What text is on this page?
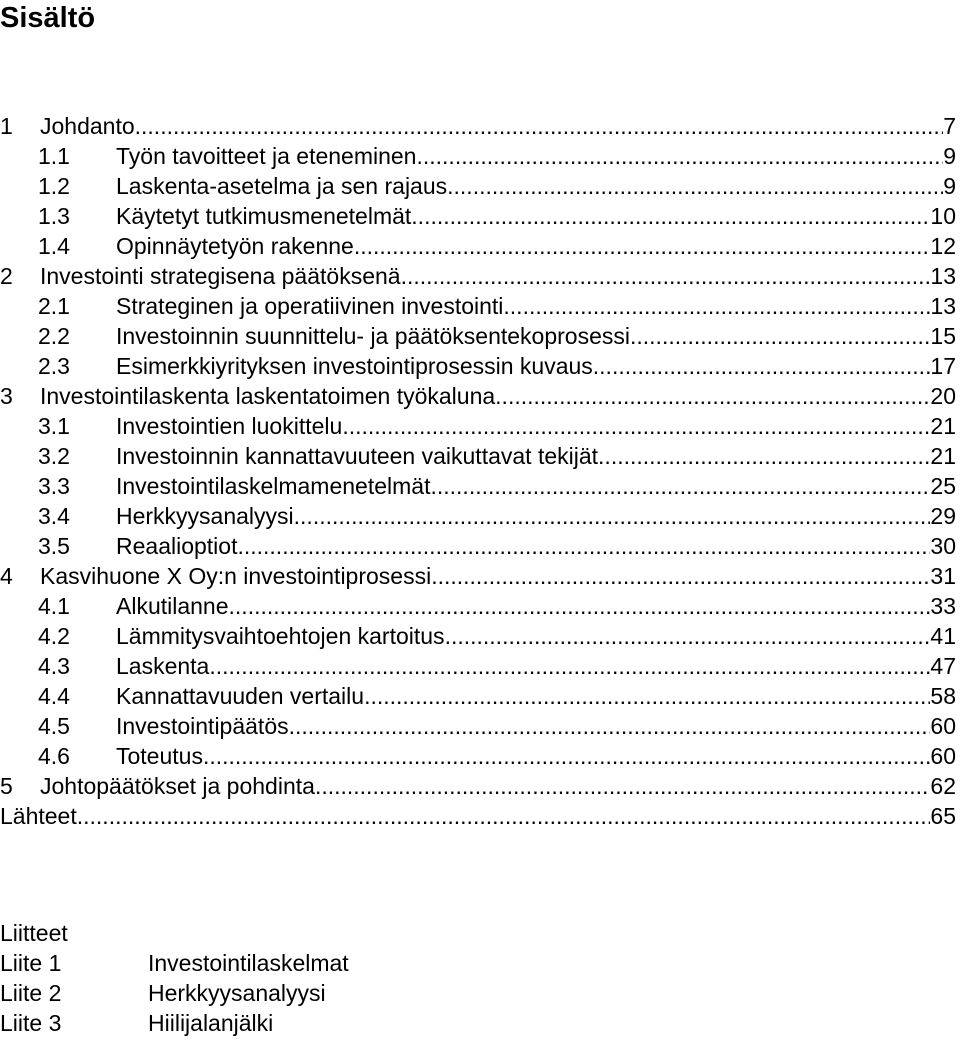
Sisältö
1 Johdanto .....	7
1.1 Työn tavoitteet ja eteneminen .....	9
1.2 Laskenta-asetelma ja sen rajaus .....	9
1.3 Käytetyt tutkimusmenetelmät .....	10
1.4 Opinnäytetyön rakenne .....	12
2 Investointi strategisena päätöksenä .....	13
2.1 Strateginen ja operatiivinen investointi .....	13
2.2 Investoinnin suunnittelu- ja päätöksentekoprosessi .....	15
2.3 Esimerkkiyrityksen investointiprosessin kuvaus .....	17
3 Investointilaskenta laskentatoimen työkaluna .....	20
3.1 Investointien luokittelu .....	21
3.2 Investoinnin kannattavuuteen vaikuttavat tekijät .....	21
3.3 Investointilaskelmamenetelmät .....	25
3.4 Herkkyysanalyysi .....	29
3.5 Reaalioptiot .....	30
4 Kasvihuone X Oy:n investointiprosessi .....	31
4.1 Alkutilanne .....	33
4.2 Lämmitysvaihtoehtojen kartoitus .....	41
4.3 Laskenta .....	47
4.4 Kannattavuuden vertailu .....	58
4.5 Investointipäätös .....	60
4.6 Toteutus .....	60
5 Johtopäätökset ja pohdinta .....	62
Lähteet .....	65
Liitteet
Liite 1	Investointilaskelmat
Liite 2	Herkkyysanalyysi
Liite 3	Hiilijalanjälki
